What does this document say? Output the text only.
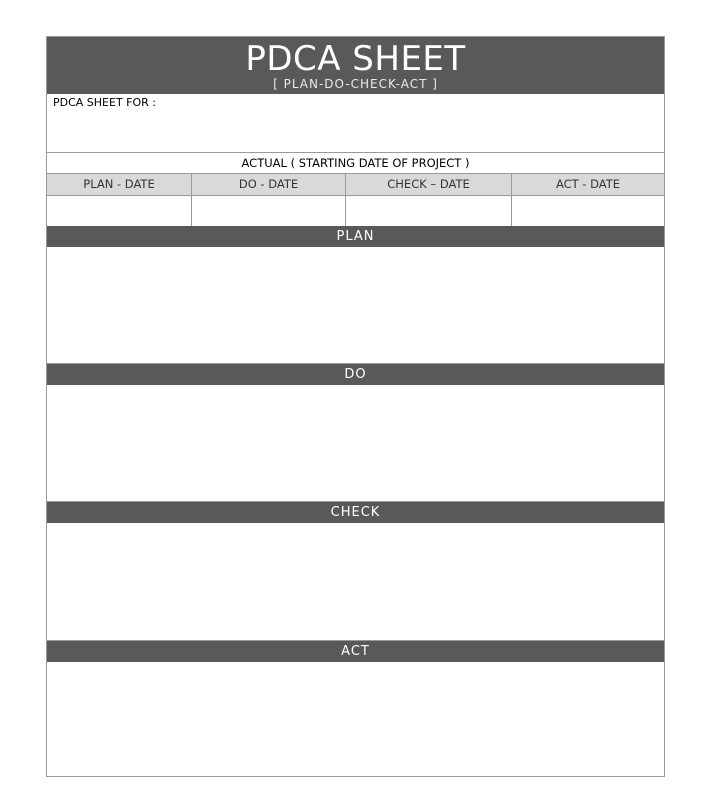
PDCA SHEET
[ PLAN-DO-CHECK-ACT ]
PDCA SHEET FOR :
ACTUAL ( STARTING DATE OF PROJECT )
PLAN - DATE	DO - DATE	CHECK – DATE	ACT - DATE
PLAN
DO
CHECK
ACT
